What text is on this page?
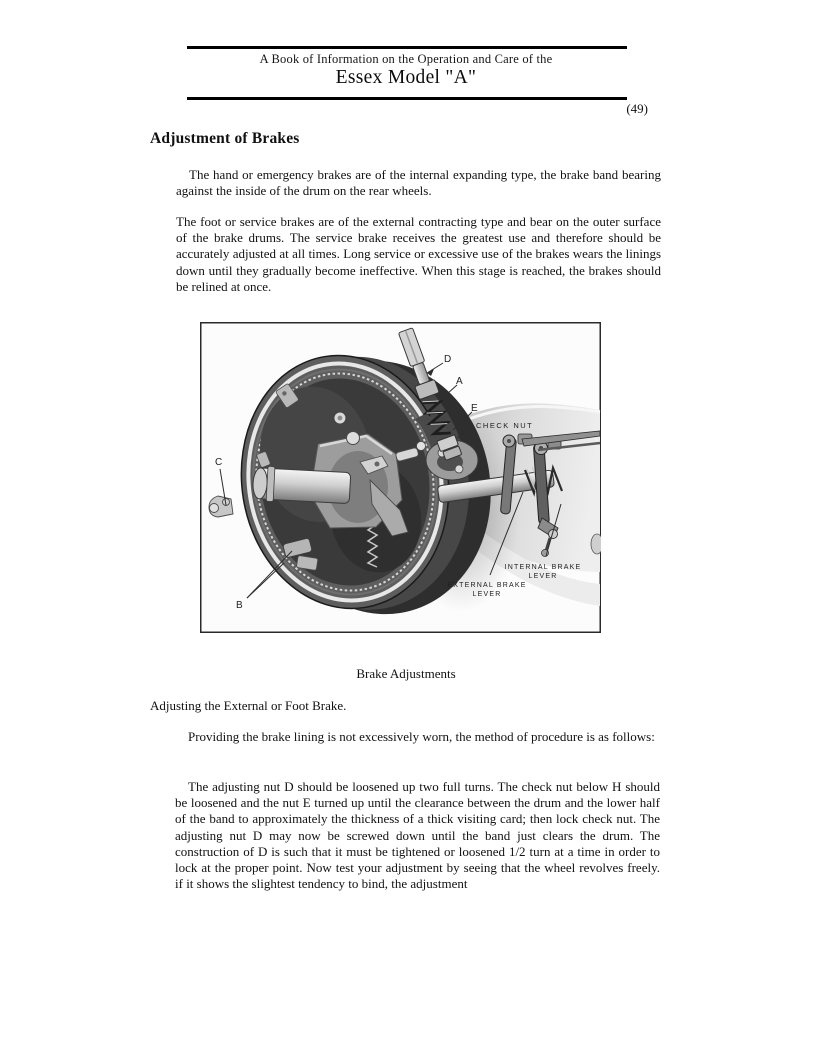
A Book of Information on the Operation and Care of the
Essex Model "A"
(49)
Adjustment of Brakes
The hand or emergency brakes are of the internal expanding type, the brake band bearing against the inside of the drum on the rear wheels.
The foot or service brakes are of the external contracting type and bear on the outer surface of the brake drums. The service brake receives the greatest use and therefore should be accurately adjusted at all times. Long service or excessive use of the brakes wears the linings down until they gradually become ineffective. When this stage is reached, the brakes should be relined at once.
D
A
E
CHECK NUT
C
B
EXTERNAL BRAKE
LEVER
INTERNAL BRAKE
LEVER
Brake Adjustments
Adjusting the External or Foot Brake.
Providing the brake lining is not excessively worn, the method of procedure is as follows:
The adjusting nut D should be loosened up two full turns. The check nut below H should be loosened and the nut E turned up until the clearance between the drum and the lower half of the band to approximately the thickness of a thick visiting card; then lock check nut. The adjusting nut D may now be screwed down until the band just clears the drum. The construction of D is such that it must be tightened or loosened 1/2 turn at a time in order to lock at the proper point. Now test your adjustment by seeing that the wheel revolves freely. if it shows the slightest tendency to bind, the adjustment
